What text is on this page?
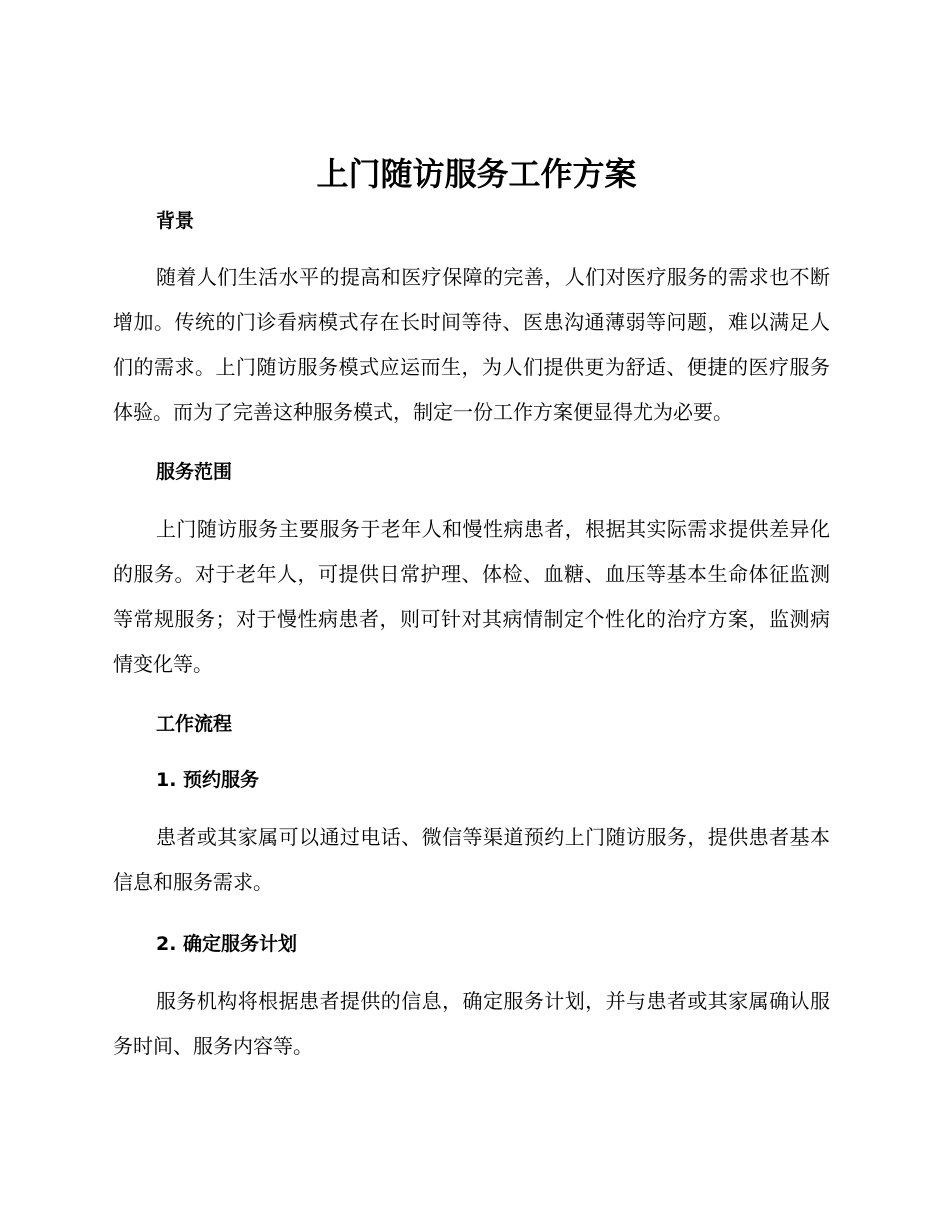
上门随访服务工作方案
背景

随着人们生活水平的提高和医疗保障的完善，人们对医疗服务的需求也不断增加。传统的门诊看病模式存在长时间等待、医患沟通薄弱等问题，难以满足人们的需求。上门随访服务模式应运而生，为人们提供更为舒适、便捷的医疗服务体验。而为了完善这种服务模式，制定一份工作方案便显得尤为必要。

服务范围

上门随访服务主要服务于老年人和慢性病患者，根据其实际需求提供差异化的服务。对于老年人，可提供日常护理、体检、血糖、血压等基本生命体征监测等常规服务；对于慢性病患者，则可针对其病情制定个性化的治疗方案，监测病情变化等。

工作流程
1. 预约服务

患者或其家属可以通过电话、微信等渠道预约上门随访服务，提供患者基本信息和服务需求。

2. 确定服务计划

服务机构将根据患者提供的信息，确定服务计划，并与患者或其家属确认服务时间、服务内容等。
